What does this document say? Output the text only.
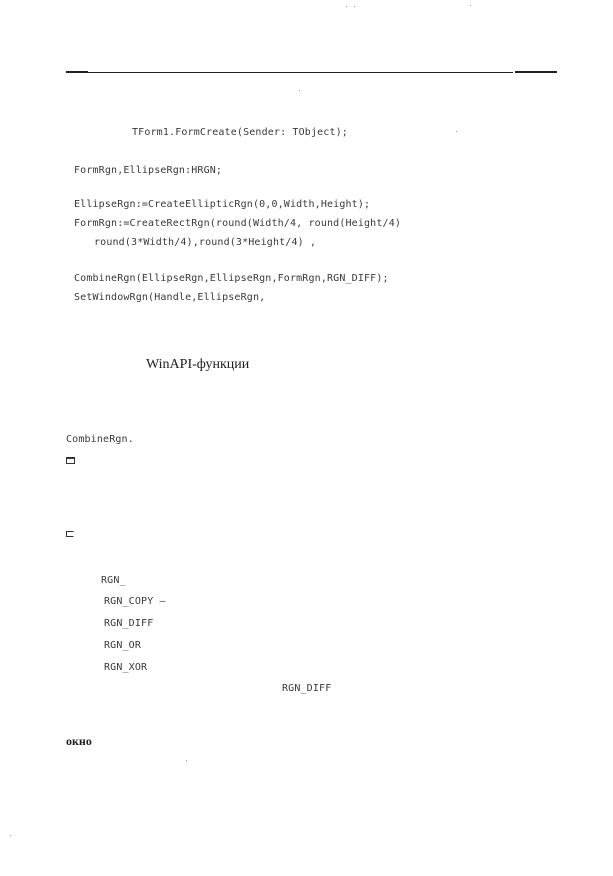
TForm1.FormCreate(Sender: TObject);
FormRgn,EllipseRgn:HRGN;
EllipseRgn:=CreateEllipticRgn(0,0,Width,Height);
FormRgn:=CreateRectRgn(round(Width/4, round(Height/4)
round(3*Width/4),round(3*Height/4) ,
CombineRgn(EllipseRgn,EllipseRgn,FormRgn,RGN_DIFF);
SetWindowRgn(Handle,EllipseRgn,
WinAPI-функции
CombineRgn.
RGN_
RGN_COPY —
RGN_DIFF
RGN_OR
RGN_XOR
RGN_DIFF
окно
